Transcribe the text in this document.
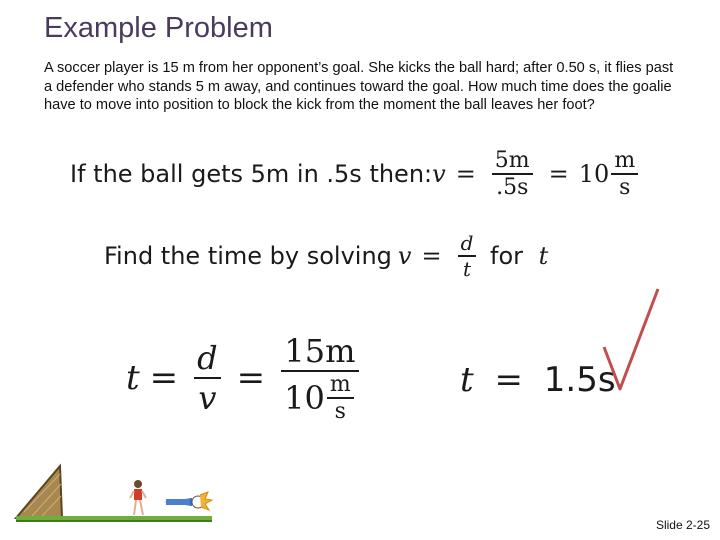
Example Problem
A soccer player is 15 m from her opponent’s goal. She kicks the ball hard; after 0.50 s, it flies past a defender who stands 5 m away, and continues toward the goal. How much time does the goalie have to move into position to block the kick from the moment the ball leaves her foot?
If the ball gets 5m in .5s then: $v = \frac{5m}{.5s} = 10 \frac{m}{s}$
Find the time by solving $v = \frac{d}{t}$ for t
$t = \frac{d}{v} = \frac{15m}{10 \frac{m}{s}}$	t = 1.5s
Slide 2-25
